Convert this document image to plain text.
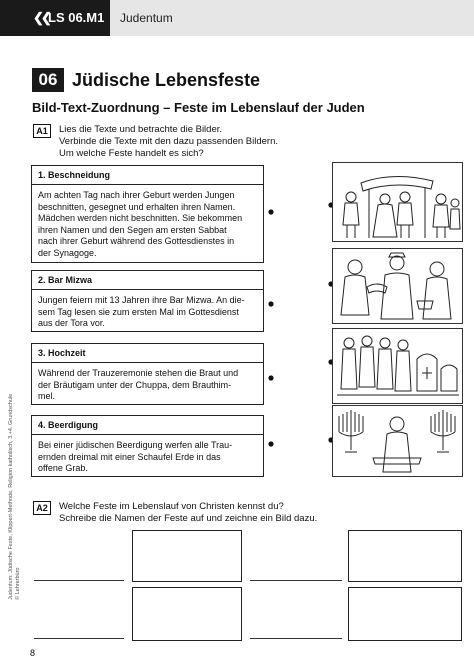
❮❮ LS 06.M1 Judentum
06 Jüdische Lebensfeste
Bild-Text-Zuordnung – Feste im Lebenslauf der Juden
A1	Lies die Texte und betrachte die Bilder.
Verbinde die Texte mit den dazu passenden Bildern.
Um welche Feste handelt es sich?
1. Beschneidung
Am achten Tag nach ihrer Geburt werden Jungen
beschnitten, gesegnet und erhalten ihren Namen.
Mädchen werden nicht beschnitten. Sie bekommen
ihren Namen und den Segen am ersten Sabbat
nach ihrer Geburt während des Gottesdienstes in
der Synagoge.
2. Bar Mizwa
Jungen feiern mit 13 Jahren ihre Bar Mizwa. An die-
sem Tag lesen sie zum ersten Mal im Gottesdienst
aus der Tora vor.
3. Hochzeit
Während der Trauzeremonie stehen die Braut und
der Bräutigam unter der Chuppa, dem Brauthim-
mel.
4. Beerdigung
Bei einer jüdischen Beerdigung werfen alle Trau-
ernden dreimal mit einer Schaufel Erde in das
offene Grab.
A2	Welche Feste im Lebenslauf von Christen kennst du?
Schreibe die Namen der Feste auf und zeichne ein Bild dazu.
Judentum: Jüdische Feste, Klippert-Methode, Religion katholisch, 3.+4. Grundschule © Lehrerbüro
8
